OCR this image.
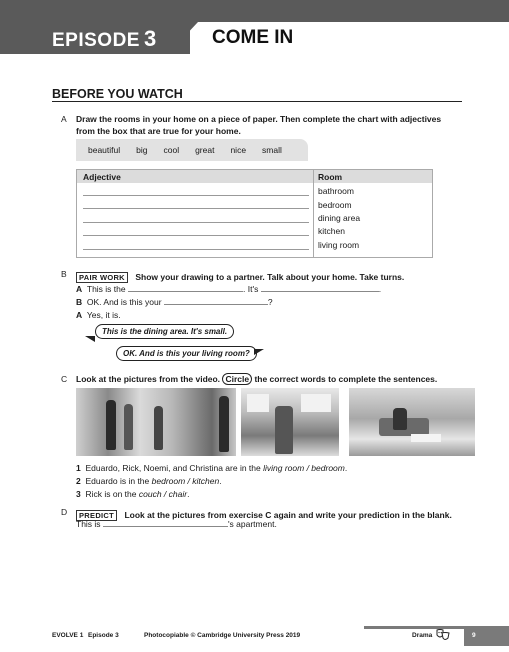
EPISODE 3	COME IN
BEFORE YOU WATCH
A Draw the rooms in your home on a piece of paper. Then complete the chart with adjectives
from the box that are true for your home.
beautiful big cool great nice small
Adjective	Room
bathroom
bedroom
dining area
kitchen
living room
B	PAIR WORK Show your drawing to a partner. Talk about your home. Take turns.
A This is the	. It's	.
B OK. And is this your	?
A Yes, it is.
This is the dining area. It's small.
OK. And is this your living room?
C Look at the pictures from the video. Circle the correct words to complete the sentences.
1 Eduardo, Rick, Noemi, and Christina are in the living room / bedroom.
2 Eduardo is in the bedroom / kitchen.
3 Rick is on the couch / chair.
D	PREDICT Look at the pictures from exercise C again and write your prediction in the blank.
This is	's apartment.
EVOLVE 1 Episode 3	Photocopiable © Cambridge University Press 2019	Drama	9
